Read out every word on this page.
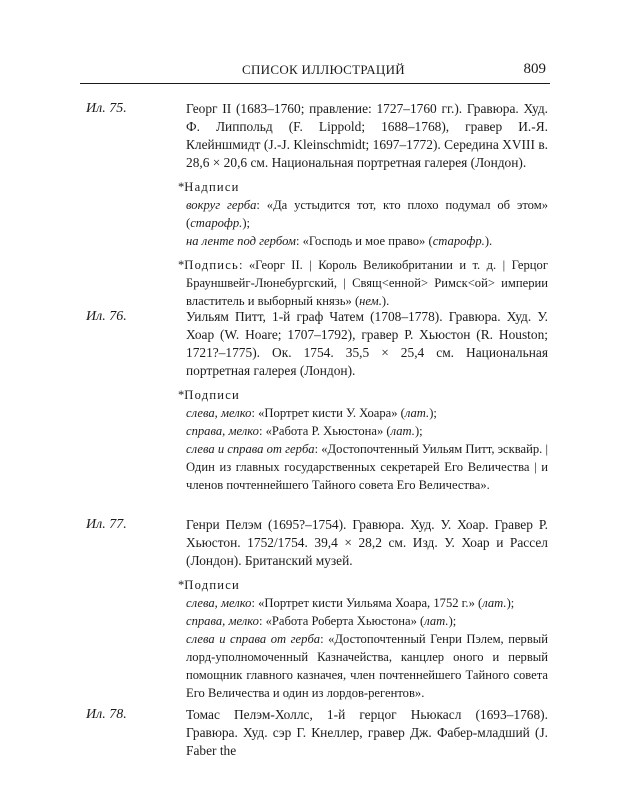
СПИСОК ИЛЛЮСТРАЦИЙ	809
Ил. 75.	Георг II (1683–1760; правление: 1727–1760 гг.). Гравюра. Худ. Ф. Липпольд (F. Lippold; 1688–1768), гравер И.-Я. Клейншмидт (J.-J. Kleinschmidt; 1697–1772). Середина XVIII в. 28,6 × 20,6 см. Национальная портретная галерея (Лондон).

*Надписи
вокруг герба: «Да устыдится тот, кто плохо подумал об этом» (старофр.);
на ленте под гербом: «Господь и мое право» (старофр.).

*Подпись: «Георг II. | Король Великобритании и т. д. | Герцог Брауншвейг-Люнебургский, | Свящ<енной> Римск<ой> империи властитель и выборный князь» (нем.).

Ил. 76.	Уильям Питт, 1-й граф Чатем (1708–1778). Гравюра. Худ. У. Хоар (W. Hoare; 1707–1792), гравер Р. Хьюстон (R. Houston; 1721?–1775). Ок. 1754. 35,5 × 25,4 см. Национальная портретная галерея (Лондон).

*Подписи
слева, мелко: «Портрет кисти У. Хоара» (лат.);
справа, мелко: «Работа Р. Хьюстона» (лат.);
слева и справа от герба: «Достопочтенный Уильям Питт, эсквайр. | Один из главных государственных секретарей Его Величества | и членов почтеннейшего Тайного совета Его Величества».

Ил. 77.	Генри Пелэм (1695?–1754). Гравюра. Худ. У. Хоар. Гравер Р. Хьюстон. 1752/1754. 39,4 × 28,2 см. Изд. У. Хоар и Рассел (Лондон). Британский музей.

*Подписи
слева, мелко: «Портрет кисти Уильяма Хоара, 1752 г.» (лат.);
справа, мелко: «Работа Роберта Хьюстона» (лат.);
слева и справа от герба: «Достопочтенный Генри Пэлем, первый лорд-уполномоченный Казначейства, канцлер оного и первый помощник главного казначея, член почтеннейшего Тайного совета Его Величества и один из лордов-регентов».

Ил. 78.	Томас Пелэм-Холлс, 1-й герцог Ньюкасл (1693–1768). Гравюра. Худ. сэр Г. Кнеллер, гравер Дж. Фабер-младший (J. Faber the
